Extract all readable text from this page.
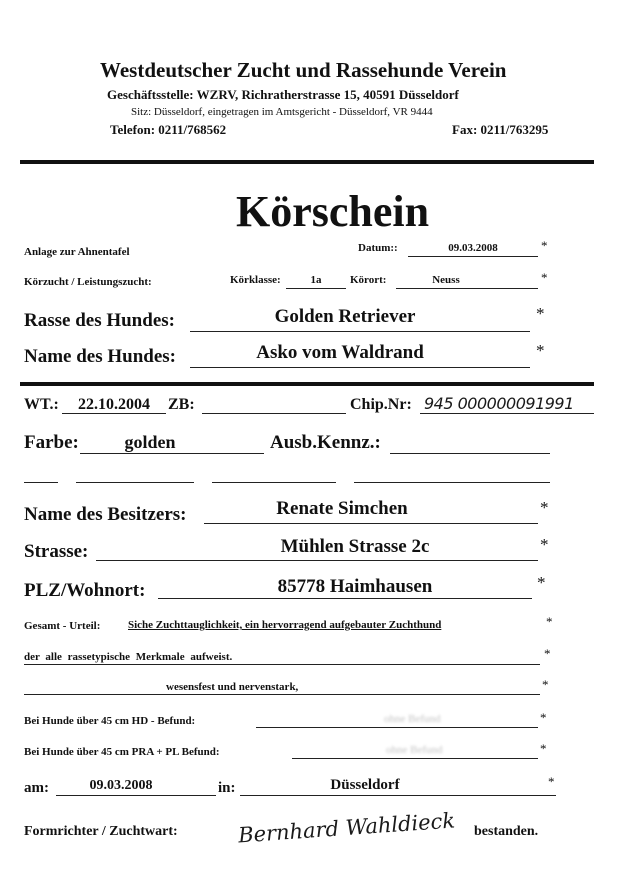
Westdeutscher Zucht und Rassehunde Verein
Geschäftsstelle: WZRV, Richratherstrasse 15, 40591 Düsseldorf
Sitz: Düsseldorf, eingetragen im Amtsgericht - Düsseldorf, VR 9444
Telefon: 0211/768562	Fax: 0211/763295
Körschein
Anlage zur Ahnentafel	Datum::	09.03.2008	*
Körzucht / Leistungszucht:	Körklasse:	1a	Körort:	Neuss	*
Rasse des Hundes:	Golden Retriever	*
Name des Hundes:	Asko vom Waldrand	*
WT.:	22.10.2004	ZB:	Chip.Nr: 945 000000091991
Farbe:	golden	Ausb.Kennz.:
Name des Besitzers:	Renate Simchen	*
Strasse:	Mühlen Strasse 2c	*
PLZ/Wohnort:	85778 Haimhausen	*
Gesamt - Urteil:	Siche Zuchttauglichkeit, ein hervorragend aufgebauter Zuchthund	*
der alle rassetypische Merkmale aufweist.	*
wesensfest und nervenstark,	*
Bei Hunde über 45 cm HD - Befund:	ohne Befund	*
Bei Hunde über 45 cm PRA + PL Befund:	ohne Befund	*
am:	09.03.2008	in:	Düsseldorf	*
Formrichter / Zuchtwart:	Bernhard Wahldieck bestanden.
